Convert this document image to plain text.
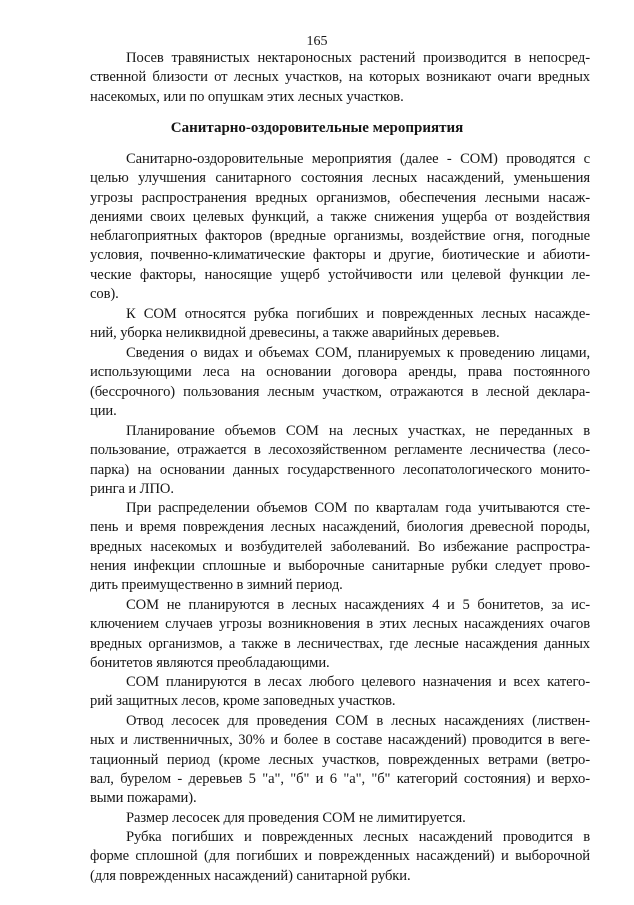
165
Посев травянистых нектароносных растений производится в непосред-
ственной близости от лесных участков, на которых возникают очаги вредных
насекомых, или по опушкам этих лесных участков.
Санитарно-оздоровительные мероприятия
Санитарно-оздоровительные мероприятия (далее - СОМ) проводятся с
целью улучшения санитарного состояния лесных насаждений, уменьшения
угрозы распространения вредных организмов, обеспечения лесными насаж-
дениями своих целевых функций, а также снижения ущерба от воздействия
неблагоприятных факторов (вредные организмы, воздействие огня, погодные
условия, почвенно-климатические факторы и другие, биотические и абиоти-
ческие факторы, наносящие ущерб устойчивости или целевой функции ле-
сов).
К СОМ относятся рубка погибших и поврежденных лесных насажде-
ний, уборка неликвидной древесины, а также аварийных деревьев.
Сведения о видах и объемах СОМ, планируемых к проведению лицами,
использующими леса на основании договора аренды, права постоянного
(бессрочного) пользования лесным участком, отражаются в лесной деклара-
ции.
Планирование объемов СОМ на лесных участках, не переданных в
пользование, отражается в лесохозяйственном регламенте лесничества (лесо-
парка) на основании данных государственного лесопатологического монито-
ринга и ЛПО.
При распределении объемов СОМ по кварталам года учитываются сте-
пень и время повреждения лесных насаждений, биология древесной породы,
вредных насекомых и возбудителей заболеваний. Во избежание распростра-
нения инфекции сплошные и выборочные санитарные рубки следует прово-
дить преимущественно в зимний период.
СОМ не планируются в лесных насаждениях 4 и 5 бонитетов, за ис-
ключением случаев угрозы возникновения в этих лесных насаждениях очагов
вредных организмов, а также в лесничествах, где лесные насаждения данных
бонитетов являются преобладающими.
СОМ планируются в лесах любого целевого назначения и всех катего-
рий защитных лесов, кроме заповедных участков.
Отвод лесосек для проведения СОМ в лесных насаждениях (листвен-
ных и лиственничных, 30% и более в составе насаждений) проводится в веге-
тационный период (кроме лесных участков, поврежденных ветрами (ветро-
вал, бурелом - деревьев 5 "а", "б" и 6 "а", "б" категорий состояния) и верхо-
выми пожарами).
Размер лесосек для проведения СОМ не лимитируется.
Рубка погибших и поврежденных лесных насаждений проводится в
форме сплошной (для погибших и поврежденных насаждений) и выборочной
(для поврежденных насаждений) санитарной рубки.
